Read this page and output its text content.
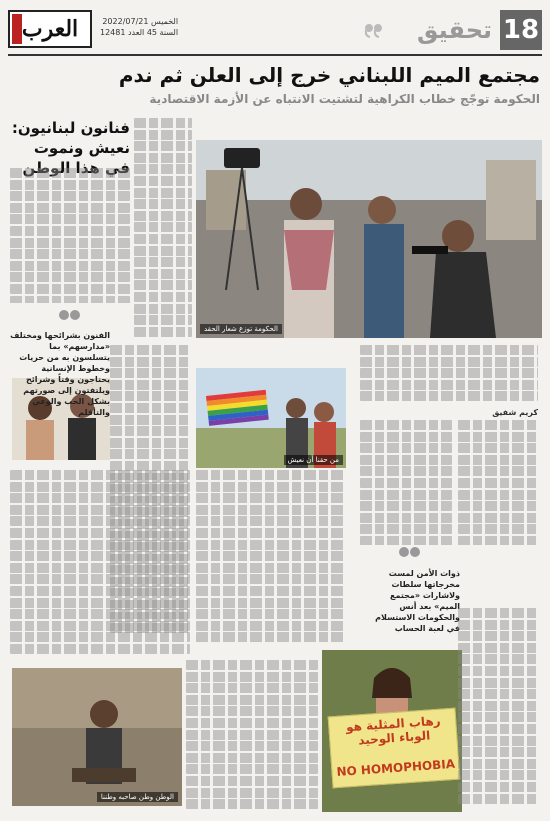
18
تحقيق
الخميس 2022/07/21
السنة 45 العدد 12481
العرب
مجتمع الميم اللبناني خرج إلى العلن ثم ندم
الحكومة توجّج خطاب الكراهية لتشتيت الانتباه عن الأزمة الاقتصادية
فنانون لبنانيون: نعيش ونموت في هذا الوطن
الحكومة توزع شعار الحقد
من حقنا أن نعيش
الوطن وطن صاحبه وطننا
رهاب المثلية هو الوباء الوحيد
NO HOMOPHOBIA
الفنون بشرائحها ومختلف «مدارسهم» بما يتسلسون به من حريات وخطوط الإنسانية يحتاجون وقتاً وشرائح ويلتفتون إلى صورتهم بشكل الحب والوعي والتأقلم
ذوات الأمن لمست مخرجاتها سلطات ولاشارات «مجتمع الميم» بعد أنس والحكومات الاستسلام في لعبة الحساب
كريم شفيق
